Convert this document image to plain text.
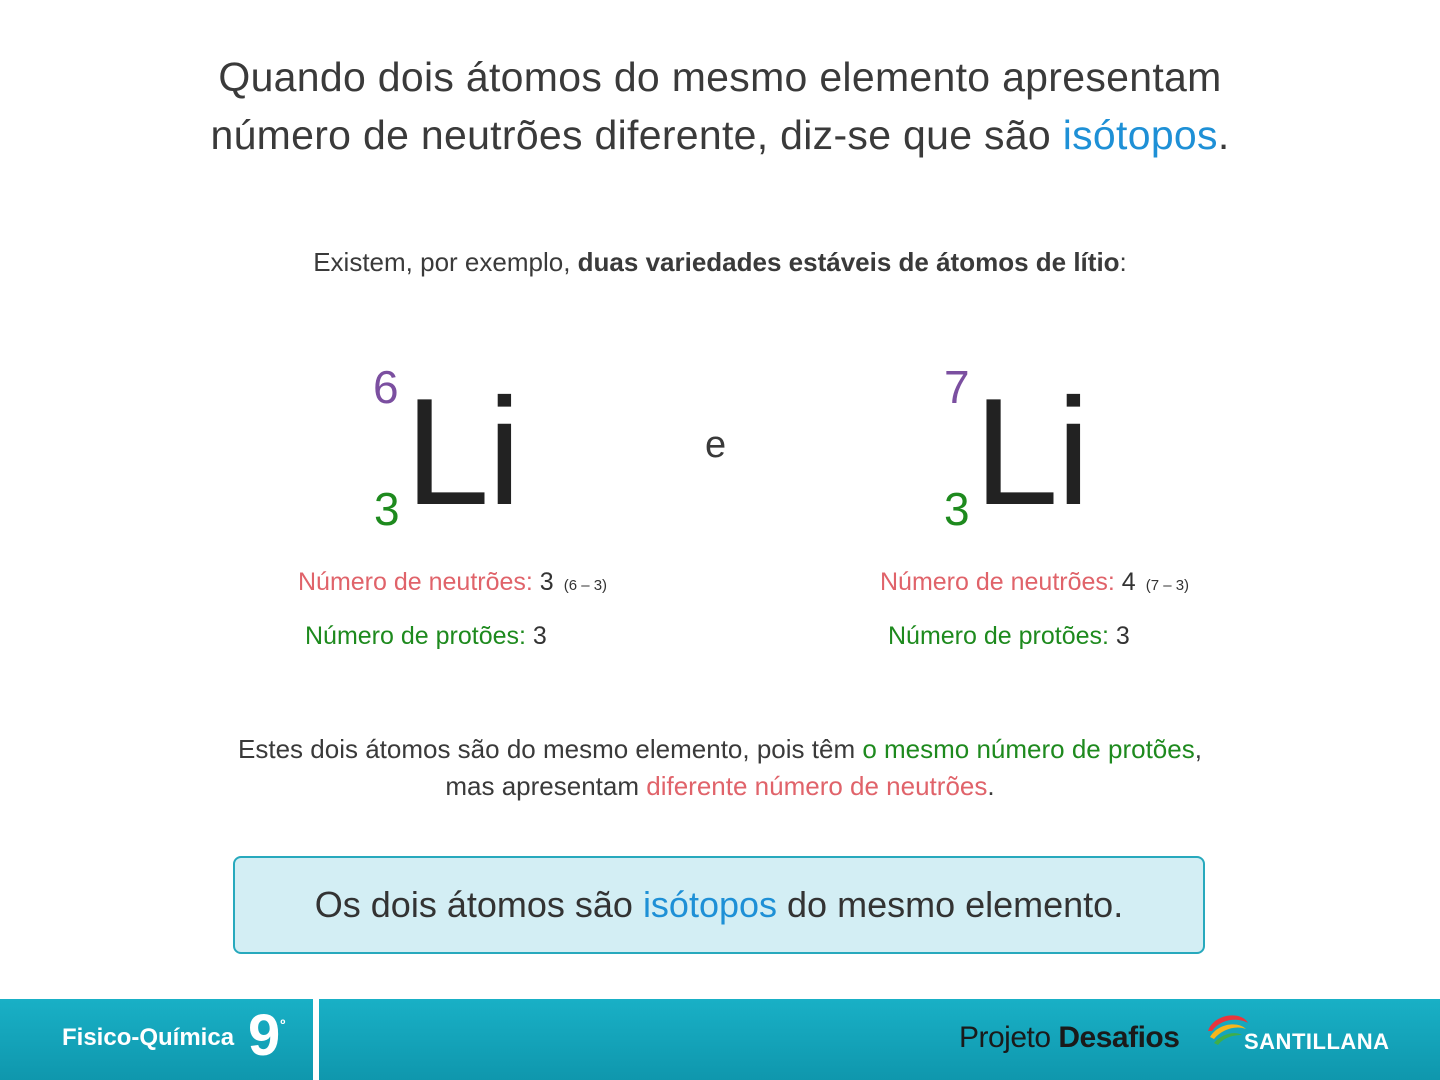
Quando dois átomos do mesmo elemento apresentam
número de neutrões diferente, diz-se que são isótopos.
Existem, por exemplo, duas variedades estáveis de átomos de lítio:
6 Li
3
e
7 Li
3
Número de neutrões: 3 (6 – 3)
Número de protões: 3
Número de neutrões: 4 (7 – 3)
Número de protões: 3
Estes dois átomos são do mesmo elemento, pois têm o mesmo número de protões,
mas apresentam diferente número de neutrões.
Os dois átomos são isótopos do mesmo elemento.
Fisico-Química $9^º$	Projeto Desafios	SANTILLANA
